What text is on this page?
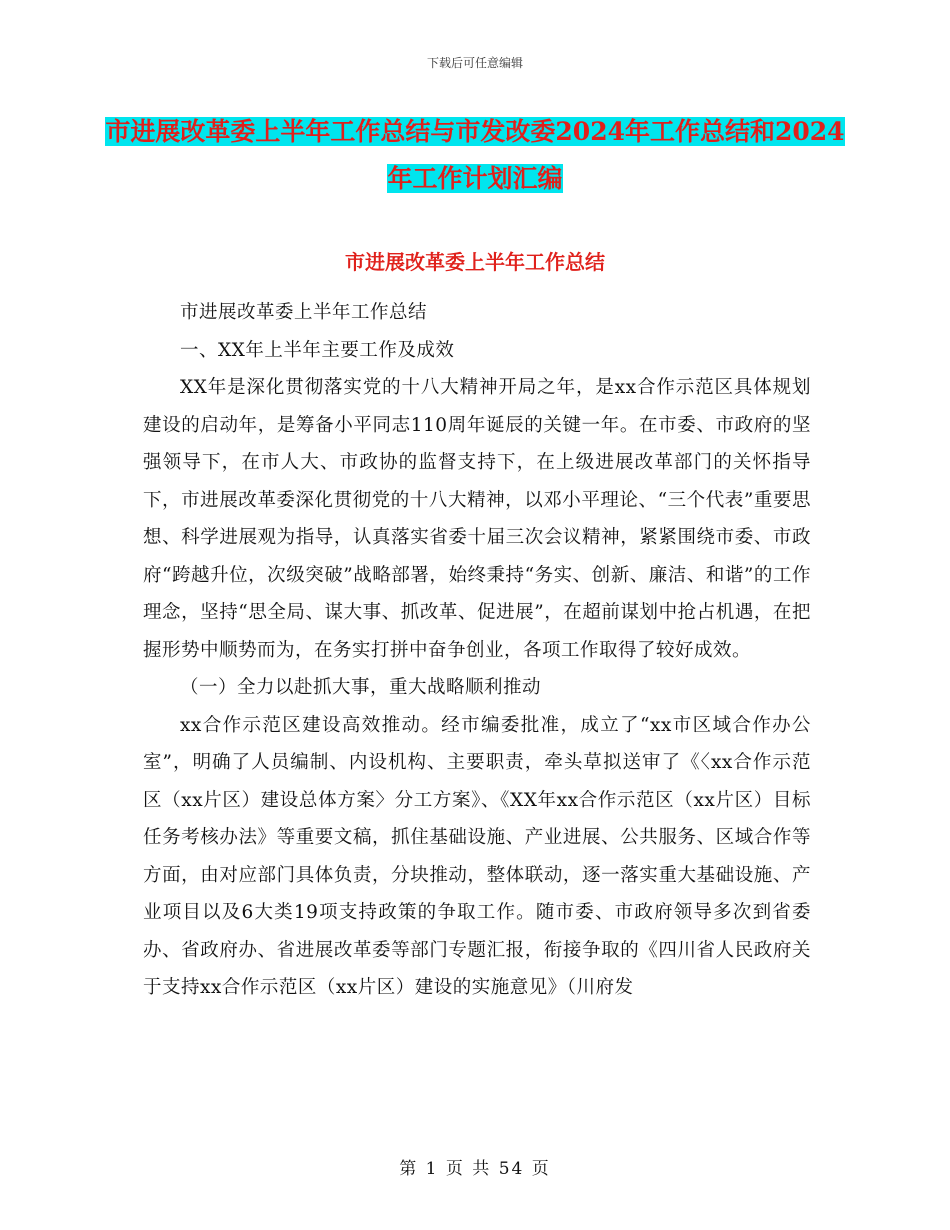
下载后可任意编辑
市进展改革委上半年工作总结与市发改委2024年工作总结和2024年工作计划汇编
市进展改革委上半年工作总结

市进展改革委上半年工作总结

一、XX年上半年主要工作及成效

XX年是深化贯彻落实党的十八大精神开局之年，是xx合作示范区具体规划建设的启动年，是筹备小平同志110周年诞辰的关键一年。在市委、市政府的坚强领导下，在市人大、市政协的监督支持下，在上级进展改革部门的关怀指导下，市进展改革委深化贯彻党的十八大精神，以邓小平理论、“三个代表”重要思想、科学进展观为指导，认真落实省委十届三次会议精神，紧紧围绕市委、市政府“跨越升位，次级突破”战略部署，始终秉持“务实、创新、廉洁、和谐”的工作理念，坚持“思全局、谋大事、抓改革、促进展”，在超前谋划中抢占机遇，在把握形势中顺势而为，在务实打拼中奋争创业，各项工作取得了较好成效。

（一）全力以赴抓大事，重大战略顺利推动

xx合作示范区建设高效推动。经市编委批准，成立了“xx市区域合作办公室”，明确了人员编制、内设机构、主要职责，牵头草拟送审了《〈xx合作示范区（xx片区）建设总体方案〉分工方案》、《XX年xx合作示范区（xx片区）目标任务考核办法》等重要文稿，抓住基础设施、产业进展、公共服务、区域合作等方面，由对应部门具体负责，分块推动，整体联动，逐一落实重大基础设施、产业项目以及6大类19项支持政策的争取工作。随市委、市政府领导多次到省委办、省政府办、省进展改革委等部门专题汇报，衔接争取的《四川省人民政府关于支持xx合作示范区（xx片区）建设的实施意见》（川府发

第 1 页 共 54 页
